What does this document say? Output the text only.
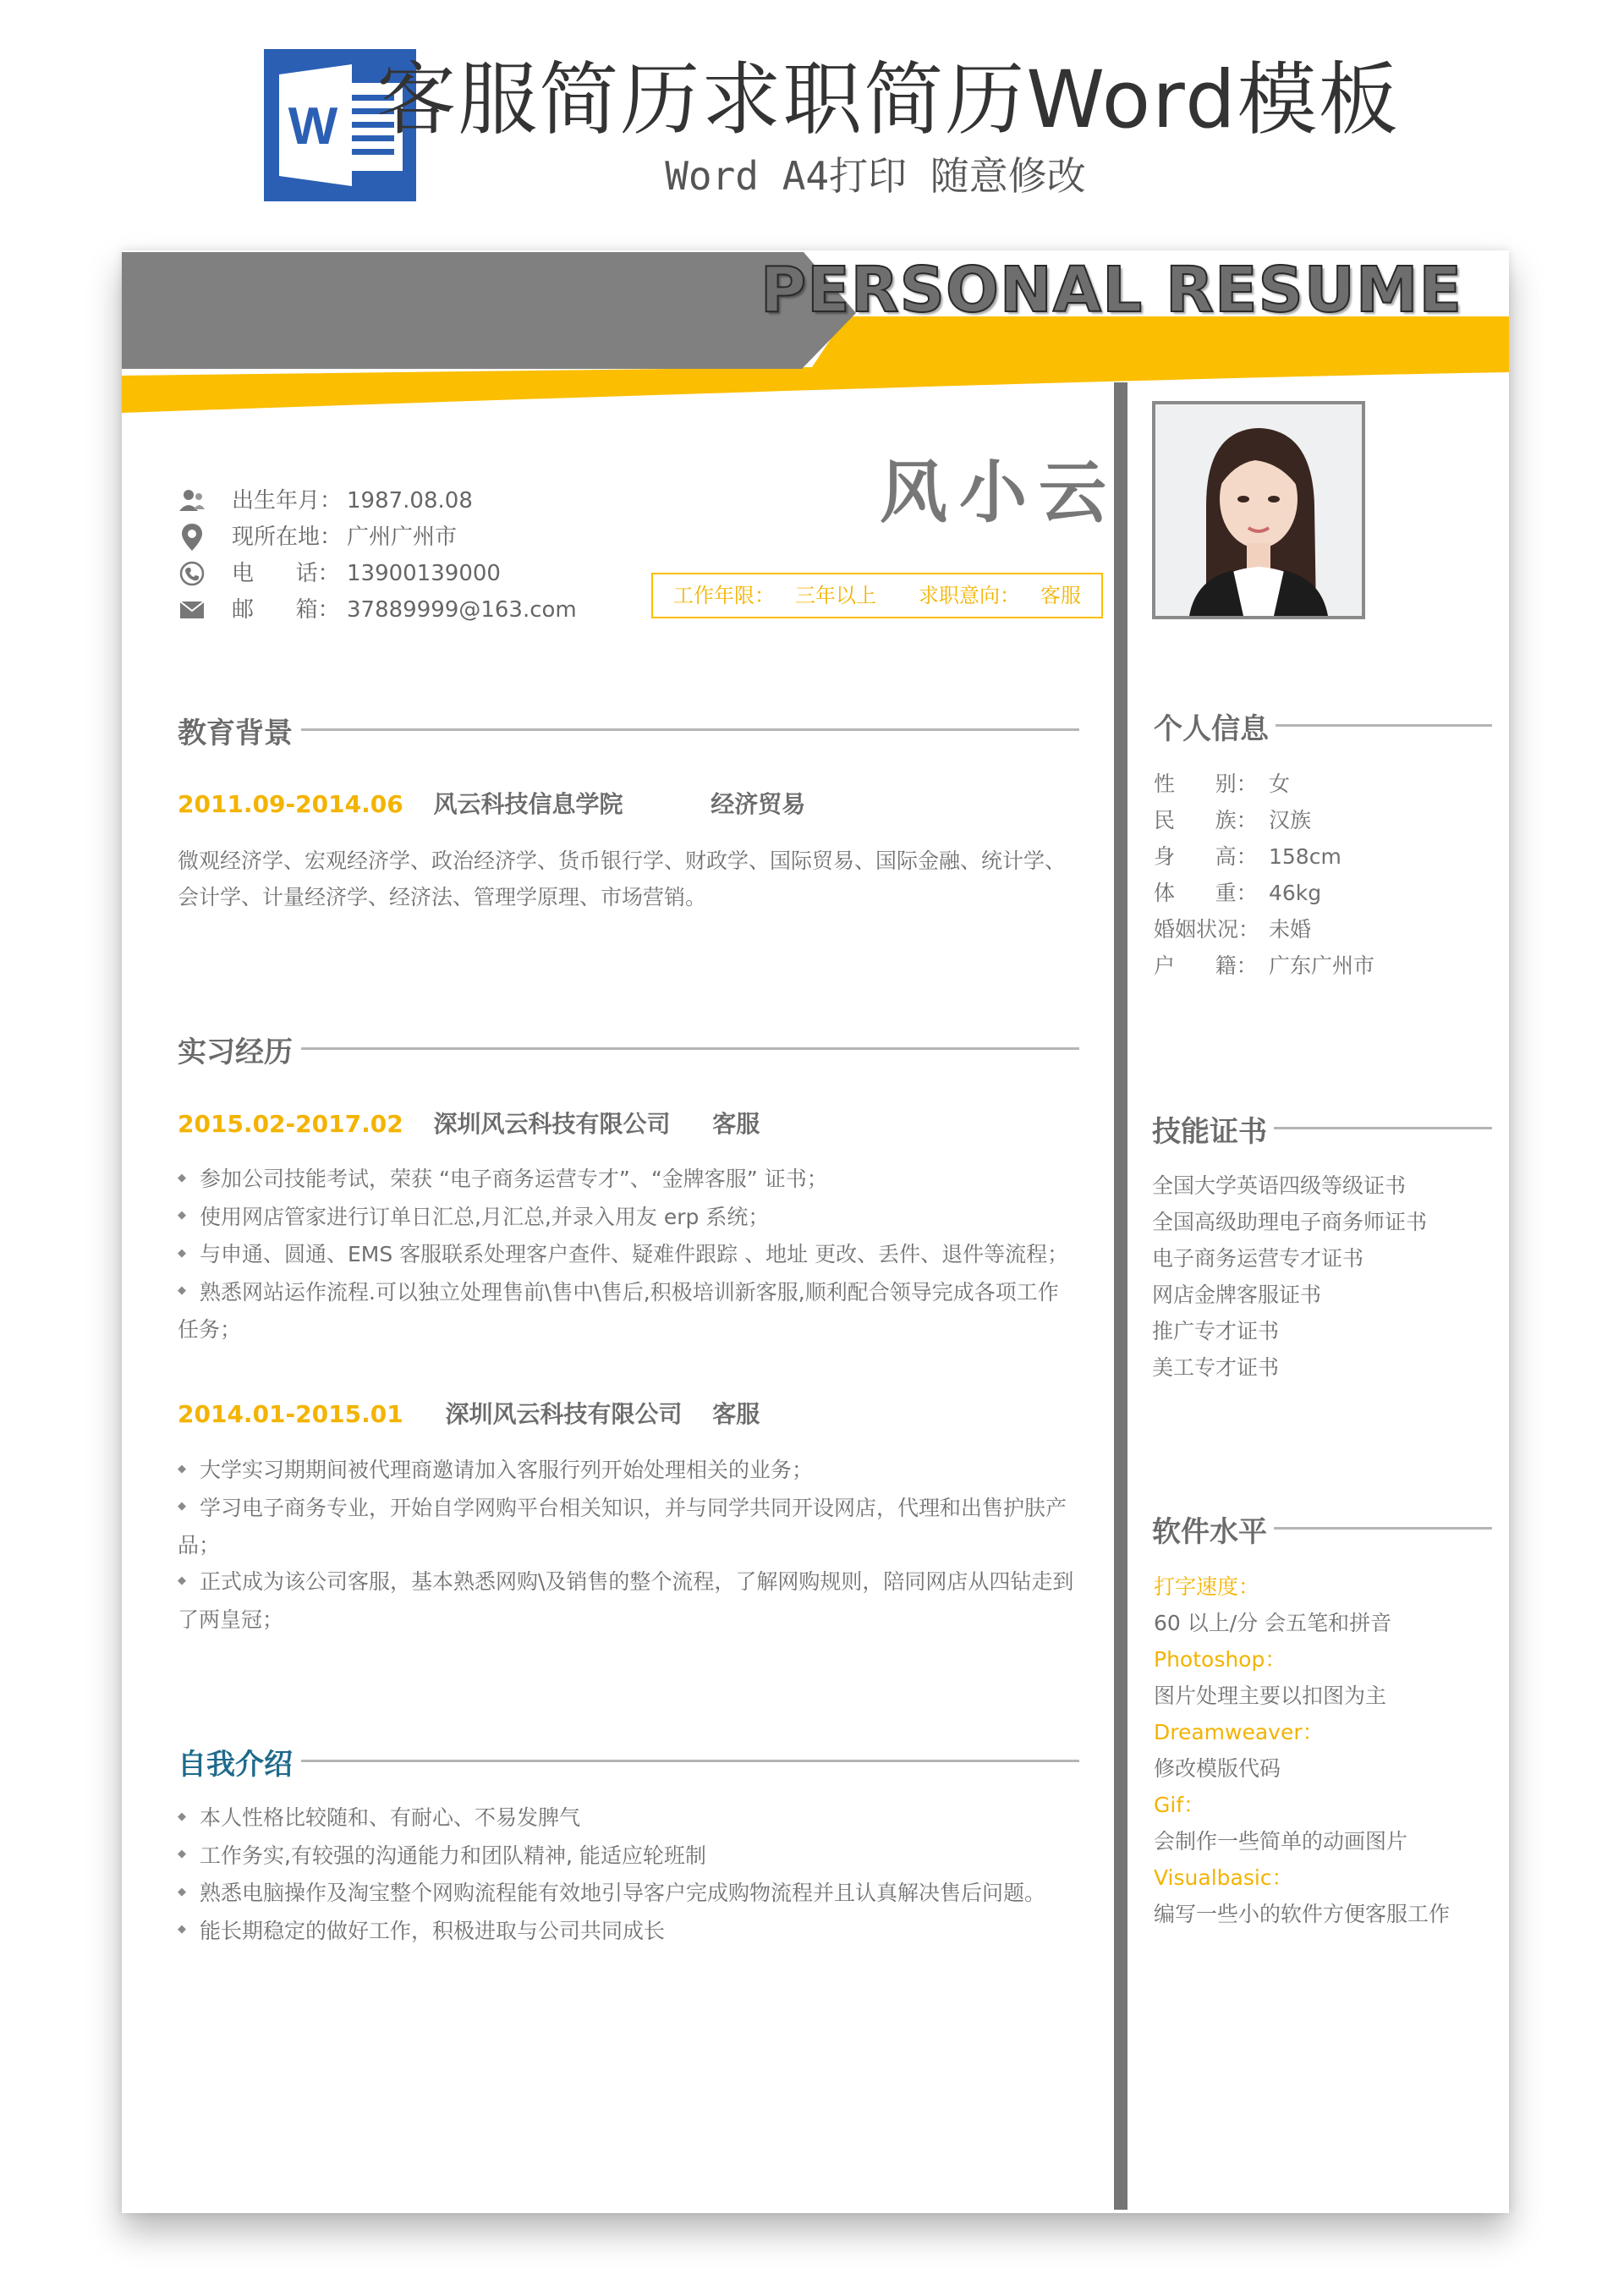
W 客服简历求职简历Word模板
Word A4打印 随意修改
PERSONAL RESUME
出生年月： 1987.08.08
现所在地： 广州广州市
电      话： 13900139000
邮      箱： 37889999@163.com
风小云
工作年限： 三年以上 求职意向： 客服
教育背景
2011.09-2014.06 风云科技信息学院	经济贸易
微观经济学、宏观经济学、政治经济学、货币银行学、财政学、国际贸易、国际金融、统计学、会计学、计量经济学、经济法、管理学原理、市场营销。
实习经历
2015.02-2017.02 深圳风云科技有限公司 客服
◆ 参加公司技能考试，荣获 “电子商务运营专才”、“金牌客服” 证书；
◆ 使用网店管家进行订单日汇总,月汇总,并录入用友 erp 系统；
◆ 与申通、圆通、EMS 客服联系处理客户查件、疑难件跟踪 、地址 更改、丢件、退件等流程；
◆ 熟悉网站运作流程.可以独立处理售前\售中\售后,积极培训新客服,顺利配合领导完成各项工作任务；
2014.01-2015.01 深圳风云科技有限公司 客服
◆ 大学实习期期间被代理商邀请加入客服行列开始处理相关的业务；
◆ 学习电子商务专业，开始自学网购平台相关知识，并与同学共同开设网店，代理和出售护肤产品；
◆ 正式成为该公司客服，基本熟悉网购\及销售的整个流程，了解网购规则，陪同网店从四钻走到了两皇冠；
自我介绍
◆ 本人性格比较随和、有耐心、不易发脾气
◆ 工作务实,有较强的沟通能力和团队精神, 能适应轮班制
◆ 熟悉电脑操作及淘宝整个网购流程能有效地引导客户完成购物流程并且认真解决售后问题。
◆ 能长期稳定的做好工作，积极进取与公司共同成长
个人信息
性      别： 女
民      族： 汉族
身      高： 158cm
体      重： 46kg
婚姻状况： 未婚
户      籍： 广东广州市
技能证书
全国大学英语四级等级证书
全国高级助理电子商务师证书
电子商务运营专才证书
网店金牌客服证书
推广专才证书
美工专才证书
软件水平
打字速度：
60 以上/分 会五笔和拼音
Photoshop：
图片处理主要以扣图为主
Dreamweaver：
修改模版代码
Gif：
会制作一些简单的动画图片
Visualbasic：
编写一些小的软件方便客服工作
